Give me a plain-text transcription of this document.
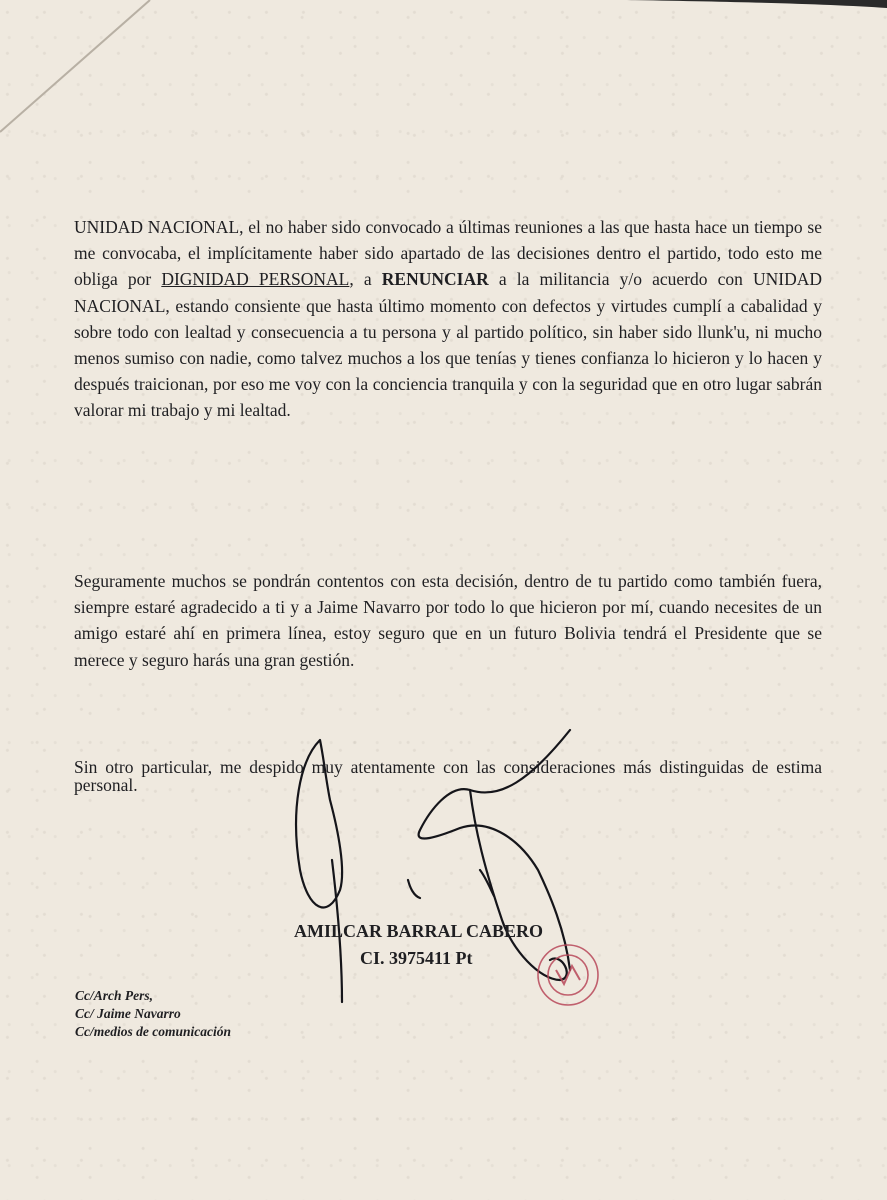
UNIDAD NACIONAL, el no haber sido convocado a últimas reuniones a las que hasta hace un tiempo se me convocaba, el implícitamente haber sido apartado de las decisiones dentro el partido, todo esto me obliga por DIGNIDAD PERSONAL, a RENUNCIAR a la militancia y/o acuerdo con UNIDAD NACIONAL, estando consiente que hasta último momento con defectos y virtudes cumplí a cabalidad y sobre todo con lealtad y consecuencia a tu persona y al partido político, sin haber sido llunk'u, ni mucho menos sumiso con nadie, como talvez muchos a los que tenías y tienes confianza lo hicieron y lo hacen y después traicionan, por eso me voy con la conciencia tranquila y con la seguridad que en otro lugar sabrán valorar mi trabajo y mi lealtad.

Seguramente muchos se pondrán contentos con esta decisión, dentro de tu partido como también fuera, siempre estaré agradecido a ti y a Jaime Navarro por todo lo que hicieron por mí, cuando necesites de un amigo estaré ahí en primera línea, estoy seguro que en un futuro Bolivia tendrá el Presidente que se merece y seguro harás una gran gestión.

Sin otro particular, me despido muy atentamente con las consideraciones más distinguidas de estima personal.

AMILCAR BARRAL CABERO
CI. 3975411 Pt
Cc/Arch Pers,
Cc/ Jaime Navarro
Cc/medios de comunicación
